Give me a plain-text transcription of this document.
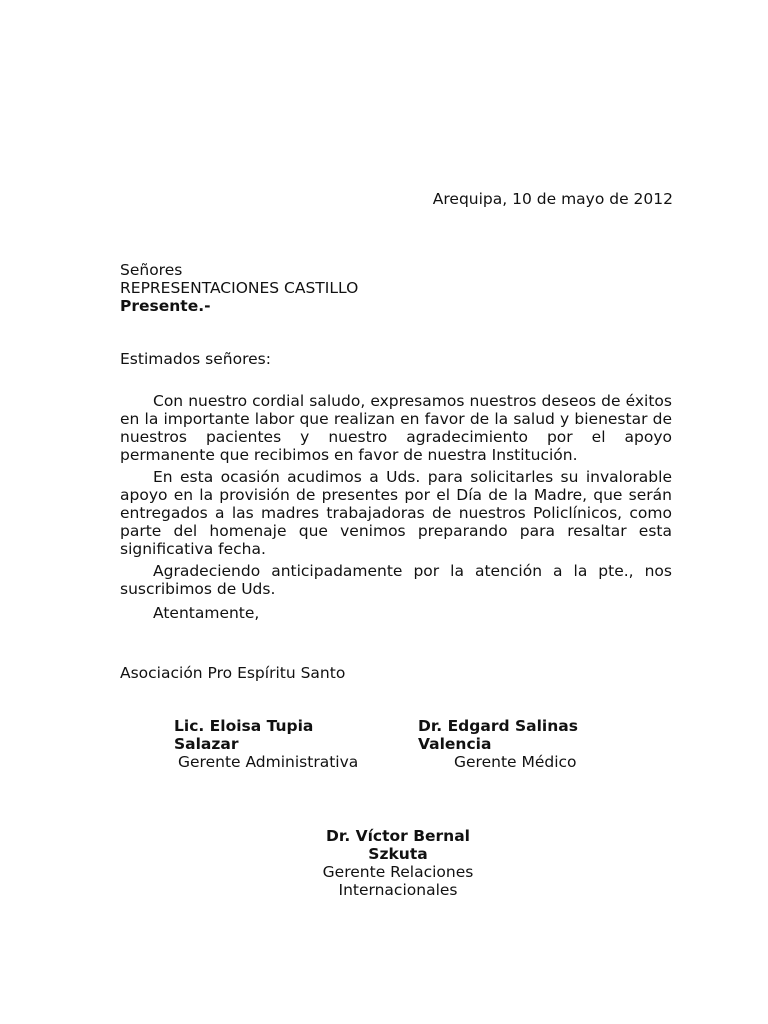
Arequipa, 10 de mayo de 2012
Señores
REPRESENTACIONES CASTILLO
Presente.-
Estimados señores:

Con nuestro cordial saludo, expresamos nuestros deseos de éxitos en la importante labor que realizan en favor de la salud y bienestar de nuestros pacientes y nuestro agradecimiento por el apoyo permanente que recibimos en favor de nuestra Institución.

En esta ocasión acudimos a Uds. para solicitarles su invalorable apoyo en la provisión de presentes por el Día de la Madre, que serán entregados a las madres trabajadoras de nuestros Policlínicos, como parte del homenaje que venimos preparando para resaltar esta significativa fecha.

Agradeciendo anticipadamente por la atención a la pte., nos suscribimos de Uds.

Atentamente,
Asociación Pro Espíritu Santo
Lic. Eloisa Tupia
Salazar
Gerente Administrativa
Dr. Edgard Salinas
Valencia
Gerente Médico
Dr. Víctor Bernal
Szkuta
Gerente Relaciones
Internacionales
